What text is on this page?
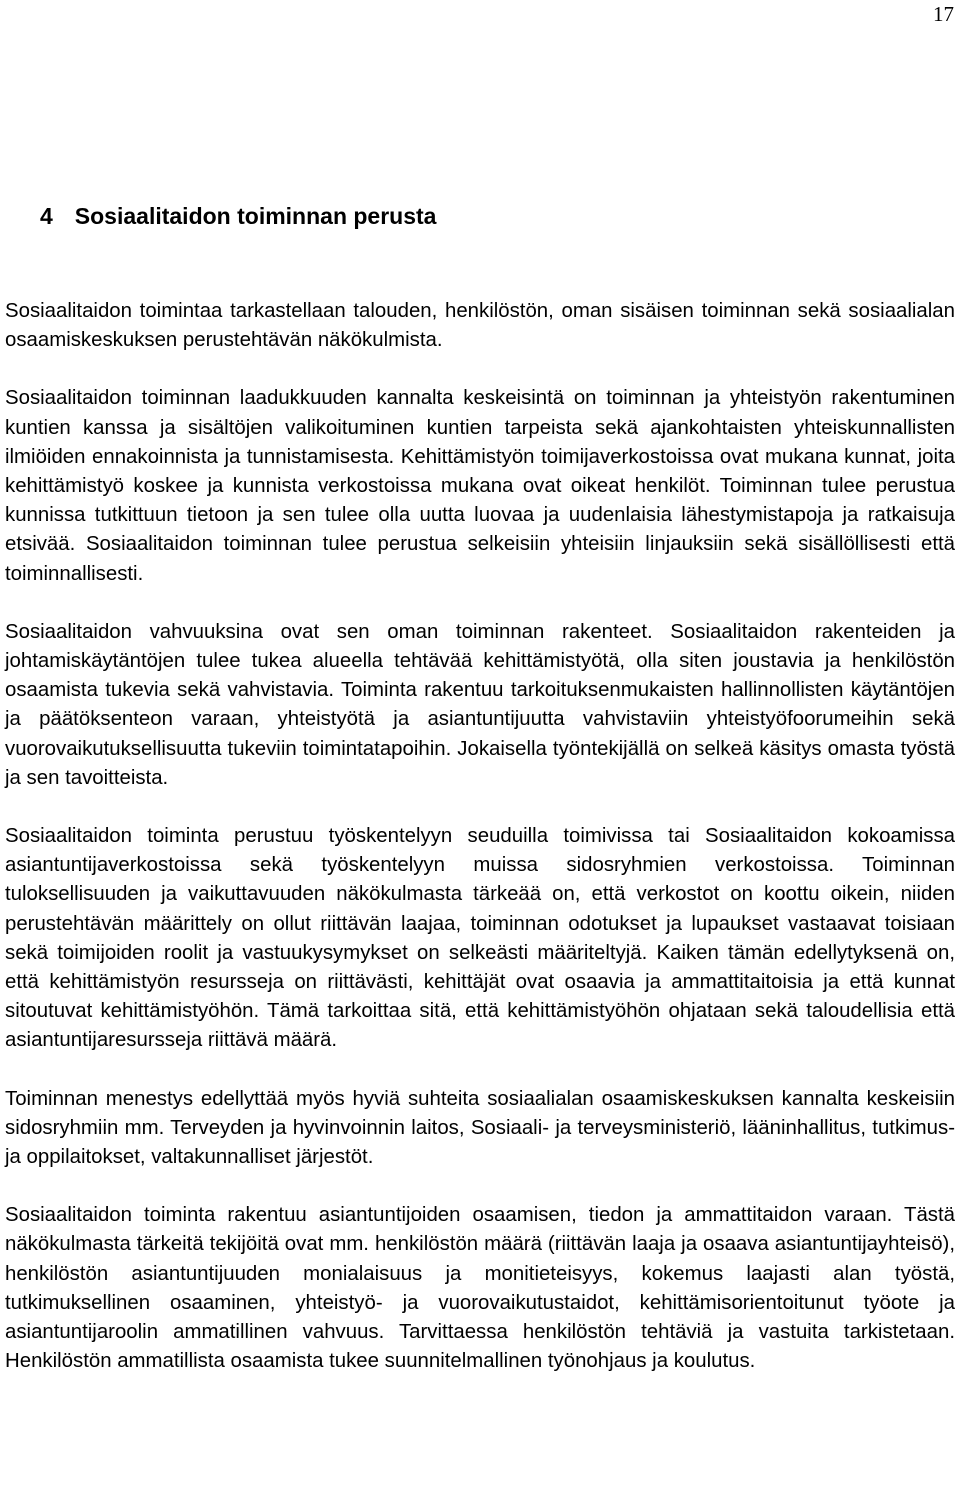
17
4 Sosiaalitaidon toiminnan perusta

Sosiaalitaidon toimintaa tarkastellaan talouden, henkilöstön, oman sisäisen toiminnan sekä sosiaalialan osaamiskeskuksen perustehtävän näkökulmista.

Sosiaalitaidon toiminnan laadukkuuden kannalta keskeisintä on toiminnan ja yhteistyön rakentuminen kuntien kanssa ja sisältöjen valikoituminen kuntien tarpeista sekä ajankohtaisten yhteiskunnallisten ilmiöiden ennakoinnista ja tunnistamisesta. Kehittämistyön toimijaverkostoissa ovat mukana kunnat, joita kehittämistyö koskee ja kunnista verkostoissa mukana ovat oikeat henkilöt. Toiminnan tulee perustua kunnissa tutkittuun tietoon ja sen tulee olla uutta luovaa ja uudenlaisia lähestymistapoja ja ratkaisuja etsivää. Sosiaalitaidon toiminnan tulee perustua selkeisiin yhteisiin linjauksiin sekä sisällöllisesti että toiminnallisesti.

Sosiaalitaidon vahvuuksina ovat sen oman toiminnan rakenteet. Sosiaalitaidon rakenteiden ja johtamiskäytäntöjen tulee tukea alueella tehtävää kehittämistyötä, olla siten joustavia ja henkilöstön osaamista tukevia sekä vahvistavia. Toiminta rakentuu tarkoituksenmukaisten hallinnollisten käytäntöjen ja päätöksenteon varaan, yhteistyötä ja asiantuntijuutta vahvistaviin yhteistyöfoorumeihin sekä vuorovaikutuksellisuutta tukeviin toimintatapoihin. Jokaisella työntekijällä on selkeä käsitys omasta työstä ja sen tavoitteista.

Sosiaalitaidon toiminta perustuu työskentelyyn seuduilla toimivissa tai Sosiaalitaidon kokoamissa asiantuntijaverkostoissa sekä työskentelyyn muissa sidosryhmien verkostoissa. Toiminnan tuloksellisuuden ja vaikuttavuuden näkökulmasta tärkeää on, että verkostot on koottu oikein, niiden perustehtävän määrittely on ollut riittävän laajaa, toiminnan odotukset ja lupaukset vastaavat toisiaan sekä toimijoiden roolit ja vastuukysymykset on selkeästi määriteltyjä. Kaiken tämän edellytyksenä on, että kehittämistyön resursseja on riittävästi, kehittäjät ovat osaavia ja ammattitaitoisia ja että kunnat sitoutuvat kehittämistyöhön. Tämä tarkoittaa sitä, että kehittämistyöhön ohjataan sekä taloudellisia että asiantuntijaresursseja riittävä määrä.

Toiminnan menestys edellyttää myös hyviä suhteita sosiaalialan osaamiskeskuksen kannalta keskeisiin sidosryhmiin mm. Terveyden ja hyvinvoinnin laitos, Sosiaali- ja terveysministeriö, lääninhallitus, tutkimus- ja oppilaitokset, valtakunnalliset järjestöt.

Sosiaalitaidon toiminta rakentuu asiantuntijoiden osaamisen, tiedon ja ammattitaidon varaan. Tästä näkökulmasta tärkeitä tekijöitä ovat mm. henkilöstön määrä (riittävän laaja ja osaava asiantuntijayhteisö), henkilöstön asiantuntijuuden monialaisuus ja monitieteisyys, kokemus laajasti alan työstä, tutkimuksellinen osaaminen, yhteistyö- ja vuorovaikutustaidot, kehittämisorientoitunut työote ja asiantuntijaroolin ammatillinen vahvuus. Tarvittaessa henkilöstön tehtäviä ja vastuita tarkistetaan. Henkilöstön ammatillista osaamista tukee suunnitelmallinen työnohjaus ja koulutus.
